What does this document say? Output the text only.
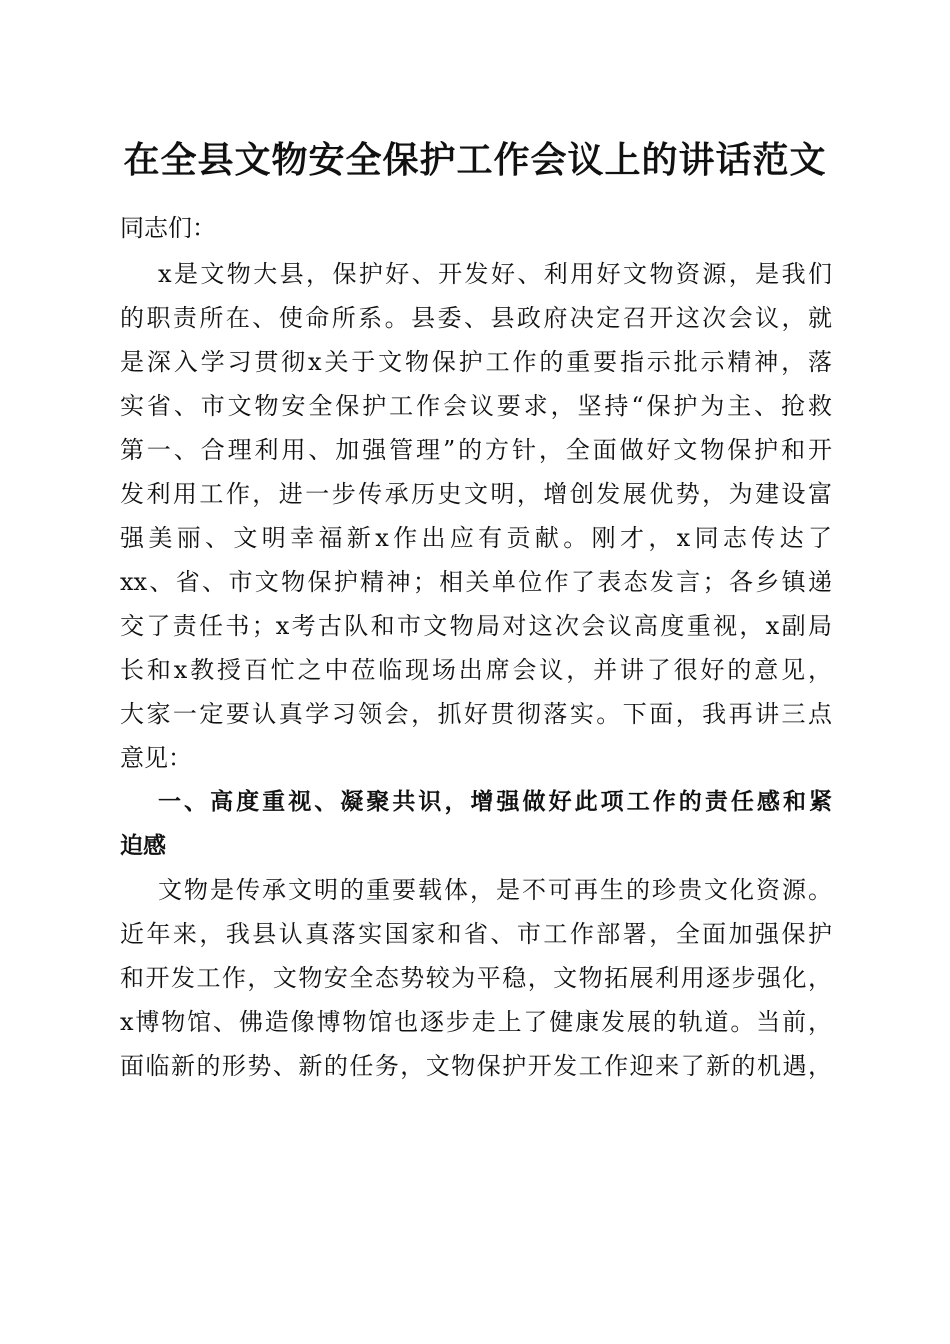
在全县文物安全保护工作会议上的讲话范文
同志们：
x是文物大县，保护好、开发好、利用好文物资源，是我们
的职责所在、使命所系。县委、县政府决定召开这次会议，就
是深入学习贯彻x关于文物保护工作的重要指示批示精神，落
实省、市文物安全保护工作会议要求，坚持“保护为主、抢救
第一、合理利用、加强管理”的方针，全面做好文物保护和开
发利用工作，进一步传承历史文明，增创发展优势，为建设富
强美丽、文明幸福新x作出应有贡献。刚才，x同志传达了
xx、省、市文物保护精神；相关单位作了表态发言；各乡镇递
交了责任书；x考古队和市文物局对这次会议高度重视，x副局
长和x教授百忙之中莅临现场出席会议，并讲了很好的意见，
大家一定要认真学习领会，抓好贯彻落实。下面，我再讲三点
意见：
一、高度重视、凝聚共识，增强做好此项工作的责任感和紧
迫感
文物是传承文明的重要载体，是不可再生的珍贵文化资源。
近年来，我县认真落实国家和省、市工作部署，全面加强保护
和开发工作，文物安全态势较为平稳，文物拓展利用逐步强化，
x博物馆、佛造像博物馆也逐步走上了健康发展的轨道。当前，
面临新的形势、新的任务，文物保护开发工作迎来了新的机遇，
